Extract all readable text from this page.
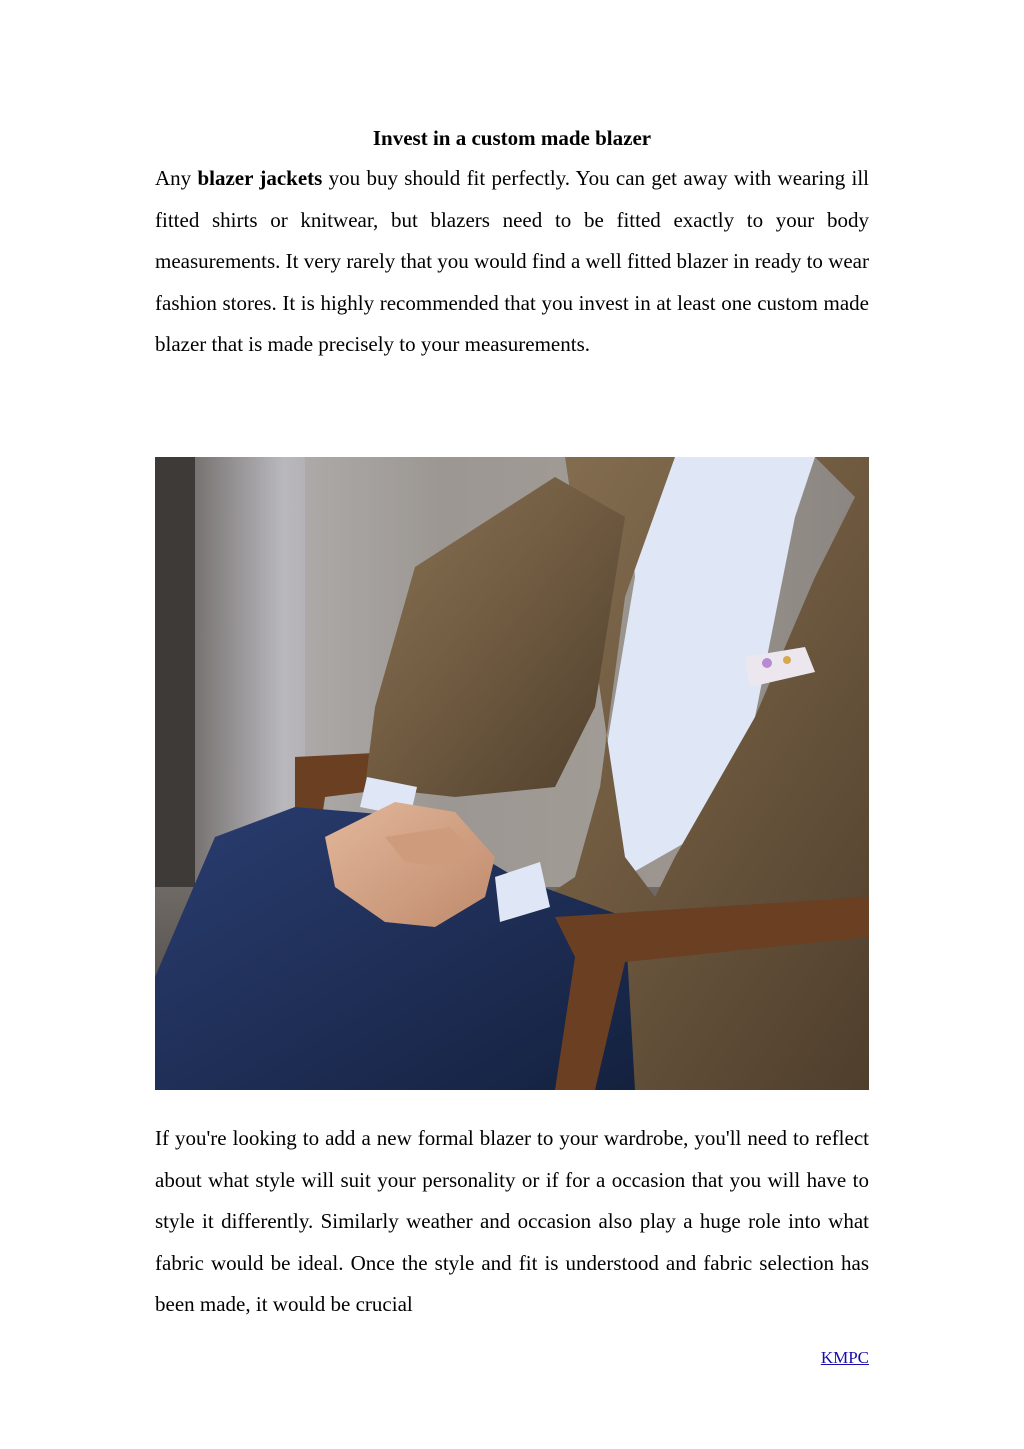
Invest in a custom made blazer

Any blazer jackets you buy should fit perfectly. You can get away with wearing ill fitted shirts or knitwear, but blazers need to be fitted exactly to your body measurements. It very rarely that you would find a well fitted blazer in ready to wear fashion stores. It is highly recommended that you invest in at least one custom made blazer that is made precisely to your measurements.

If you're looking to add a new formal blazer to your wardrobe, you'll need to reflect about what style will suit your personality or if for a occasion that you will have to style it differently. Similarly weather and occasion also play a huge role into what fabric would be ideal. Once the style and fit is understood and fabric selection has been made, it would be crucial

KMPC
